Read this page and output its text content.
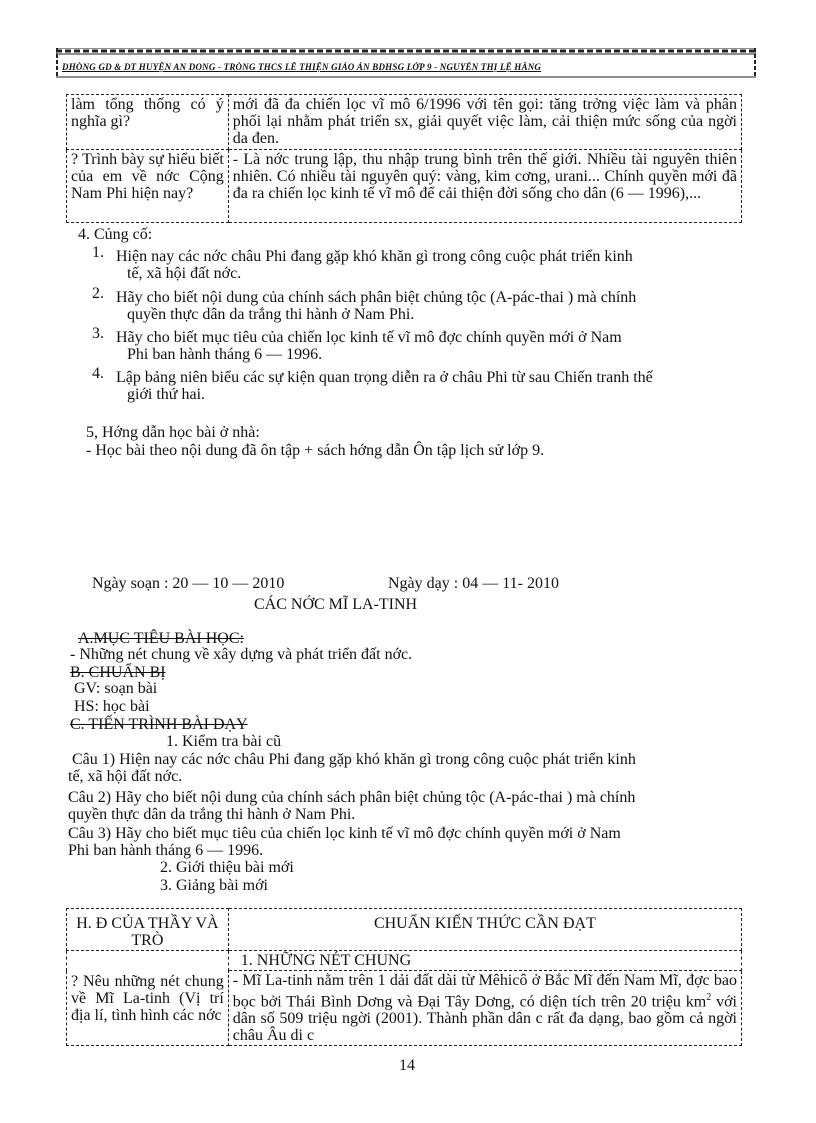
DHÒNG GD & DT HUYỆN AN DONG - TRÒNG THCS LÊ THIỆN GIÁO ÁN BDHSG LỚP 9 - NGUYỄN THỊ LỆ HẰNG
làm tổng thống có ý nghĩa gì?	mới đã đa chiến lọc vĩ mô 6/1996 với tên gọi: tăng trởng việc làm và phân phối lại nhằm phát triển sx, giải quyết việc làm, cải thiện mức sống của ngời da đen.
? Trình bày sự hiểu biết của em về nớc Cộng Nam Phi hiện nay?	- Là nớc trung lập, thu nhập trung bình trên thế giới. Nhiều tài nguyên thiên nhiên. Có nhiều tài nguyên quý: vàng, kim cơng, urani... Chính quyền mới đã đa ra chiến lọc kinh tế vĩ mô để cải thiện đời sống cho dân (6 — 1996),...
4. Củng cố:
1. Hiện nay các nớc châu Phi đang gặp khó khăn gì trong công cuộc phát triển kinh
tế, xã hội đất nớc.
2. Hãy cho biết nội dung của chính sách phân biệt chủng tộc (A-pác-thai ) mà chính
quyền thực dân da trắng thi hành ở Nam Phi.
3. Hãy cho biết mục tiêu của chiến lọc kinh tế vĩ mô đợc chính quyền mới ở Nam
Phi ban hành tháng 6 — 1996.
4. Lập bảng niên biểu các sự kiện quan trọng diễn ra ở châu Phi từ sau Chiến tranh thế
giới thứ hai.
5, Hớng dẫn học bài ở nhà:
- Học bài theo nội dung đã ôn tập + sách hớng dẫn Ôn tập lịch sử lớp 9.
Ngày soạn : 20 — 10 — 2010	Ngày dạy : 04 — 11- 2010
CÁC NỚC MĨ LA-TINH
A.MỤC TIÊU BÀI HỌC:
- Những nét chung về xây dựng và phát triển đất nớc.
B. CHUẨN BỊ
GV: soạn bài
HS: học bài
C. TIẾN TRÌNH BÀI DẠY
1. Kiểm tra bài cũ
Câu 1) Hiện nay các nớc châu Phi đang gặp khó khăn gì trong công cuộc phát triển kinh
tế, xã hội đất nớc.
Câu 2) Hãy cho biết nội dung của chính sách phân biệt chủng tộc (A-pác-thai ) mà chính
quyền thực dân da trắng thi hành ở Nam Phi.
Câu 3) Hãy cho biết mục tiêu của chiến lọc kinh tế vĩ mô đợc chính quyền mới ở Nam
Phi ban hành tháng 6 — 1996.
2. Giới thiệu bài mới
3. Giảng bài mới
H. Đ CỦA THẦY VÀ TRÒ	CHUẨN KIẾN THỨC CẦN ĐẠT
? Nêu những nét chung về Mĩ La-tinh (Vị trí địa lí, tình hình các nớc	1. NHỮNG NÉT CHUNG
	- Mĩ La-tinh nằm trên 1 dải đất dài từ Mêhicô ở Bắc Mĩ đến Nam Mĩ, đợc bao bọc bởi Thái Bình Dơng và Đại Tây Dơng, có diện tích trên 20 triệu $km^2$ với dân số 509 triệu ngời (2001). Thành phần dân c rất đa dạng, bao gồm cả ngời châu Âu di c
14
